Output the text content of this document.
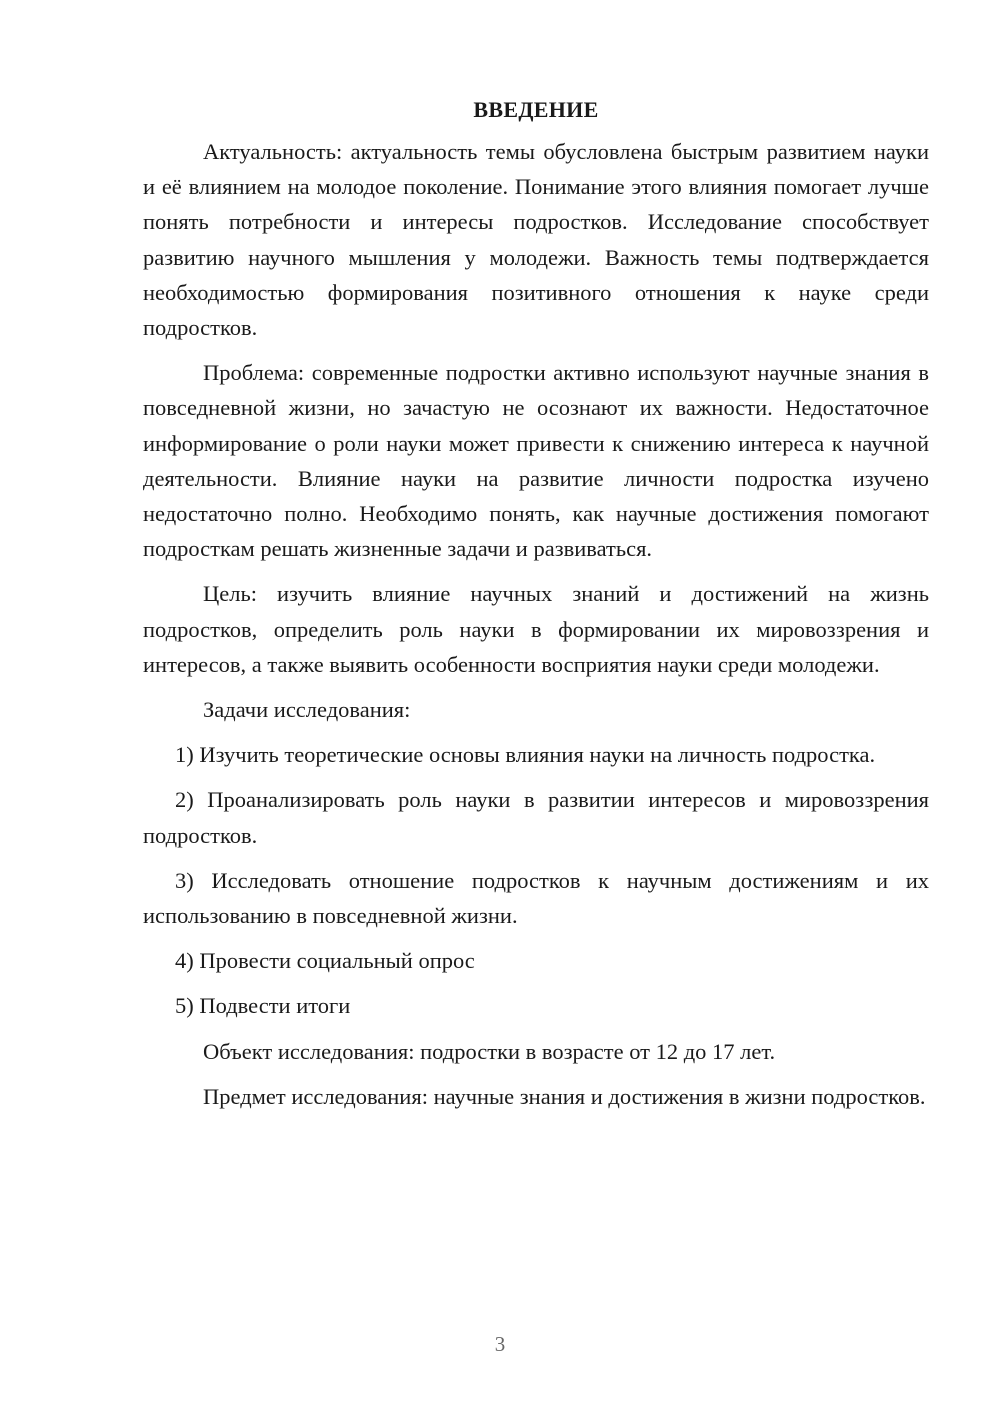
ВВЕДЕНИЕ

Актуальность: актуальность темы обусловлена быстрым развитием науки и её влиянием на молодое поколение. Понимание этого влияния помогает лучше понять потребности и интересы подростков. Исследование способствует развитию научного мышления у молодежи. Важность темы подтверждается необходимостью формирования позитивного отношения к науке среди подростков.

Проблема: современные подростки активно используют научные знания в повседневной жизни, но зачастую не осознают их важности. Недостаточное информирование о роли науки может привести к снижению интереса к научной деятельности. Влияние науки на развитие личности подростка изучено недостаточно полно. Необходимо понять, как научные достижения помогают подросткам решать жизненные задачи и развиваться.

Цель: изучить влияние научных знаний и достижений на жизнь подростков, определить роль науки в формировании их мировоззрения и интересов, а также выявить особенности восприятия науки среди молодежи.

Задачи исследования:

1) Изучить теоретические основы влияния науки на личность подростка.

2) Проанализировать роль науки в развитии интересов и мировоззрения подростков.

3) Исследовать отношение подростков к научным достижениям и их использованию в повседневной жизни.

4) Провести социальный опрос

5) Подвести итоги

Объект исследования: подростки в возрасте от 12 до 17 лет.

Предмет исследования: научные знания и достижения в жизни подростков.

3
